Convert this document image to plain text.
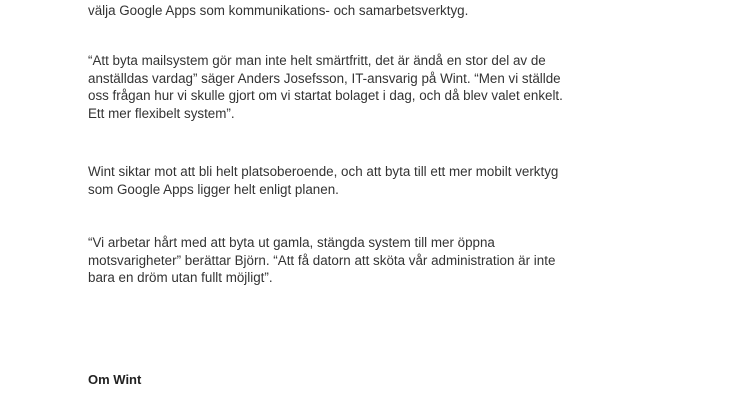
välja Google Apps som kommunikations- och samarbetsverktyg.

“Att byta mailsystem gör man inte helt smärtfritt, det är ändå en stor del av de
anställdas vardag” säger Anders Josefsson, IT-ansvarig på Wint. “Men vi ställde
oss frågan hur vi skulle gjort om vi startat bolaget i dag, och då blev valet enkelt.
Ett mer flexibelt system”.

Wint siktar mot att bli helt platsoberoende, och att byta till ett mer mobilt verktyg
som Google Apps ligger helt enligt planen.

“Vi arbetar hårt med att byta ut gamla, stängda system till mer öppna
motsvarigheter” berättar Björn. “Att få datorn att sköta vår administration är inte
bara en dröm utan fullt möjligt”.

Om Wint
